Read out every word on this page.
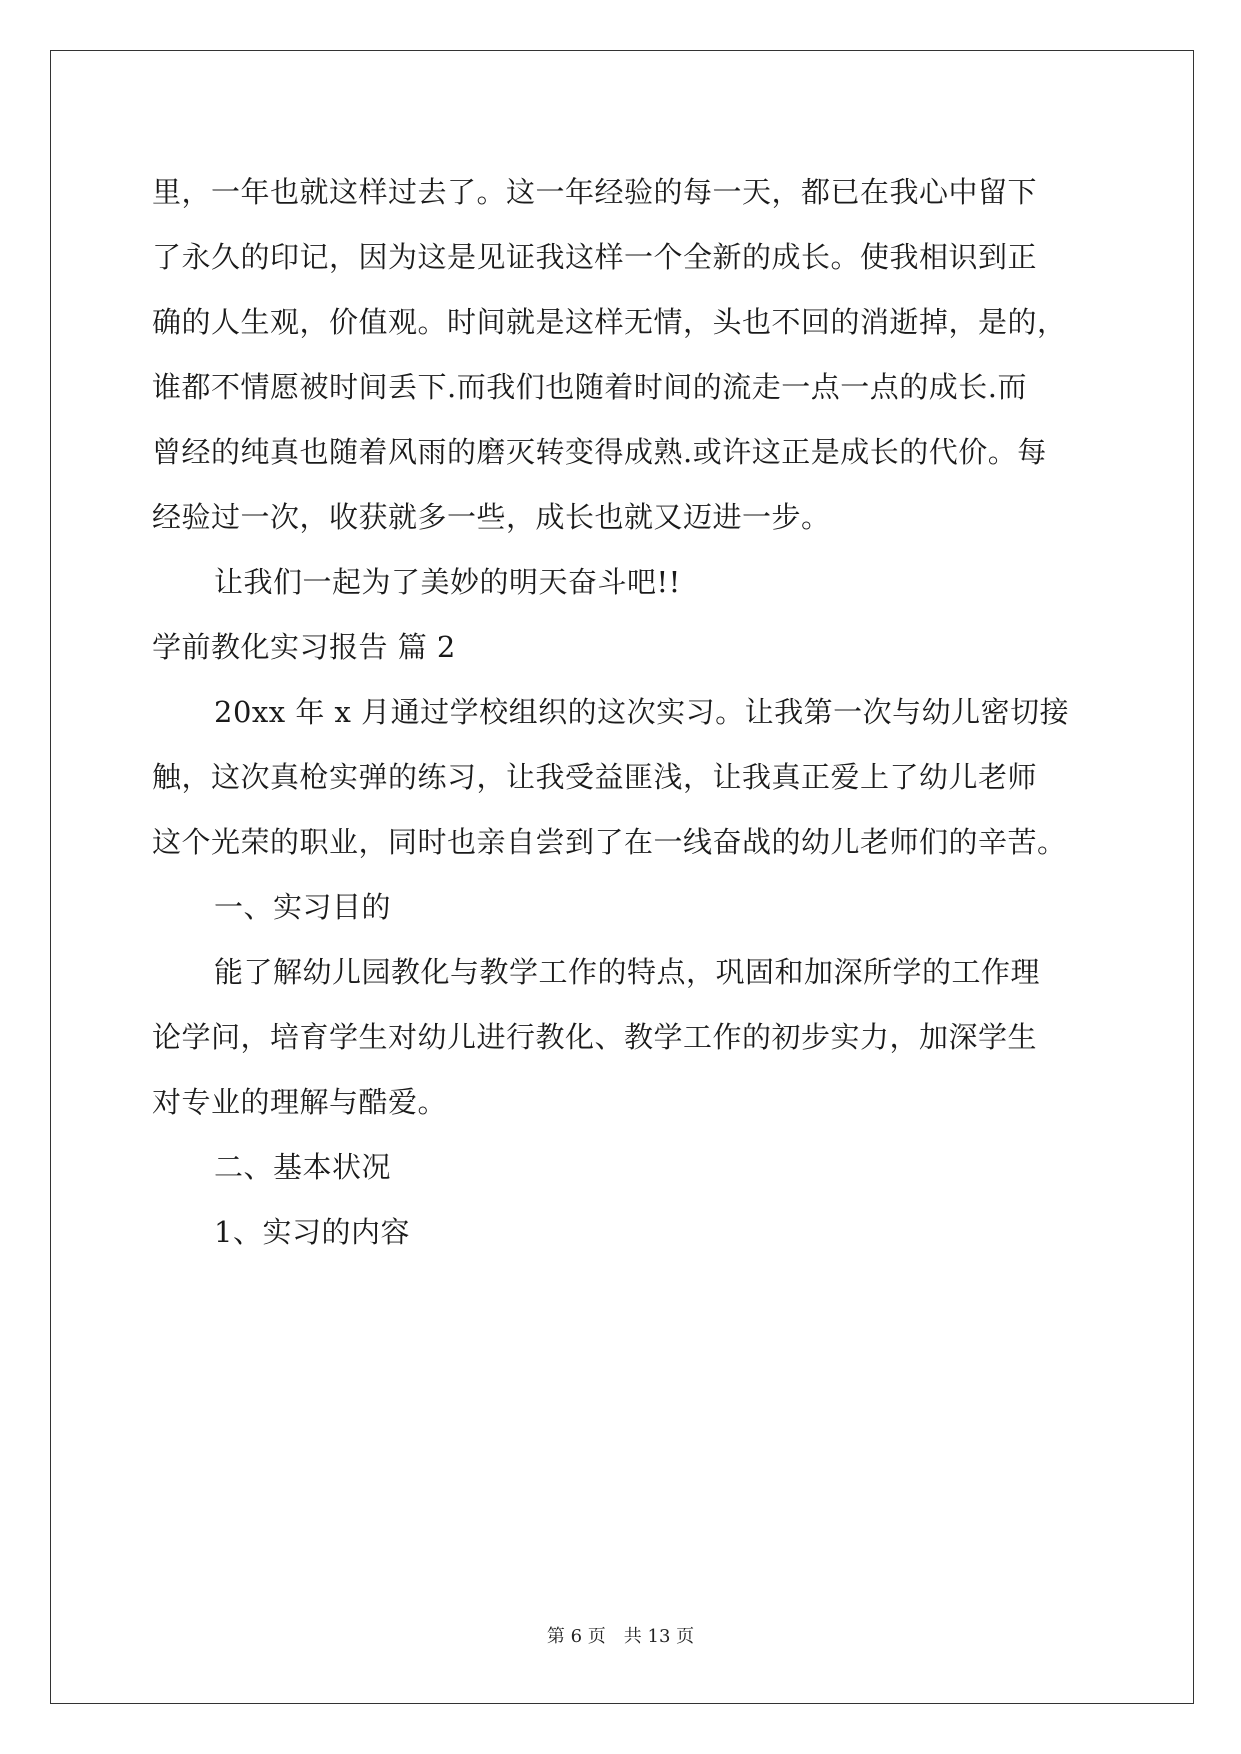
里，一年也就这样过去了。这一年经验的每一天，都已在我心中留下
了永久的印记，因为这是见证我这样一个全新的成长。使我相识到正
确的人生观，价值观。时间就是这样无情，头也不回的消逝掉，是的，
谁都不情愿被时间丢下.而我们也随着时间的流走一点一点的成长.而
曾经的纯真也随着风雨的磨灭转变得成熟.或许这正是成长的代价。每
经验过一次，收获就多一些，成长也就又迈进一步。
让我们一起为了美妙的明天奋斗吧!!
学前教化实习报告 篇 2
20xx 年 x 月通过学校组织的这次实习。让我第一次与幼儿密切接
触，这次真枪实弹的练习，让我受益匪浅，让我真正爱上了幼儿老师
这个光荣的职业，同时也亲自尝到了在一线奋战的幼儿老师们的辛苦。
一、实习目的
能了解幼儿园教化与教学工作的特点，巩固和加深所学的工作理
论学问，培育学生对幼儿进行教化、教学工作的初步实力，加深学生
对专业的理解与酷爱。
二、基本状况
1、实习的内容
第 6 页 共 13 页
